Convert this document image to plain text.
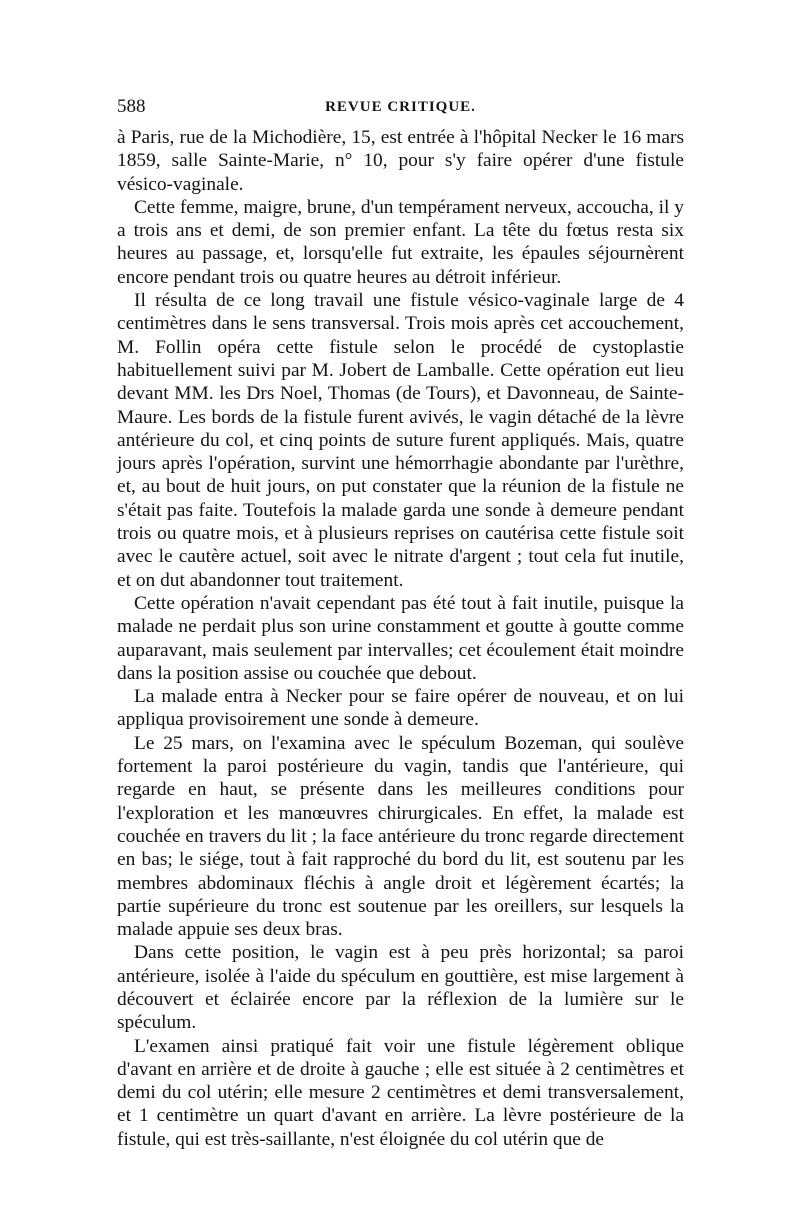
588	REVUE CRITIQUE.

à Paris, rue de la Michodière, 15, est entrée à l'hôpital Necker le 16 mars 1859, salle Sainte-Marie, n° 10, pour s'y faire opérer d'une fistule vésico-vaginale.

Cette femme, maigre, brune, d'un tempérament nerveux, accoucha, il y a trois ans et demi, de son premier enfant. La tête du fœtus resta six heures au passage, et, lorsqu'elle fut extraite, les épaules séjournèrent encore pendant trois ou quatre heures au détroit inférieur.

Il résulta de ce long travail une fistule vésico-vaginale large de 4 centimètres dans le sens transversal. Trois mois après cet accouchement, M. Follin opéra cette fistule selon le procédé de cystoplastie habituellement suivi par M. Jobert de Lamballe. Cette opération eut lieu devant MM. les Drs Noel, Thomas (de Tours), et Davonneau, de Sainte-Maure. Les bords de la fistule furent avivés, le vagin détaché de la lèvre antérieure du col, et cinq points de suture furent appliqués. Mais, quatre jours après l'opération, survint une hémorrhagie abondante par l'urèthre, et, au bout de huit jours, on put constater que la réunion de la fistule ne s'était pas faite. Toutefois la malade garda une sonde à demeure pendant trois ou quatre mois, et à plusieurs reprises on cautérisa cette fistule soit avec le cautère actuel, soit avec le nitrate d'argent ; tout cela fut inutile, et on dut abandonner tout traitement.

Cette opération n'avait cependant pas été tout à fait inutile, puisque la malade ne perdait plus son urine constamment et goutte à goutte comme auparavant, mais seulement par intervalles; cet écoulement était moindre dans la position assise ou couchée que debout.

La malade entra à Necker pour se faire opérer de nouveau, et on lui appliqua provisoirement une sonde à demeure.

Le 25 mars, on l'examina avec le spéculum Bozeman, qui soulève fortement la paroi postérieure du vagin, tandis que l'antérieure, qui regarde en haut, se présente dans les meilleures conditions pour l'exploration et les manœuvres chirurgicales. En effet, la malade est couchée en travers du lit ; la face antérieure du tronc regarde directement en bas; le siége, tout à fait rapproché du bord du lit, est soutenu par les membres abdominaux fléchis à angle droit et légèrement écartés; la partie supérieure du tronc est soutenue par les oreillers, sur lesquels la malade appuie ses deux bras.

Dans cette position, le vagin est à peu près horizontal; sa paroi antérieure, isolée à l'aide du spéculum en gouttière, est mise largement à découvert et éclairée encore par la réflexion de la lumière sur le spéculum.

L'examen ainsi pratiqué fait voir une fistule légèrement oblique d'avant en arrière et de droite à gauche ; elle est située à 2 centimètres et demi du col utérin; elle mesure 2 centimètres et demi transversalement, et 1 centimètre un quart d'avant en arrière. La lèvre postérieure de la fistule, qui est très-saillante, n'est éloignée du col utérin que de
